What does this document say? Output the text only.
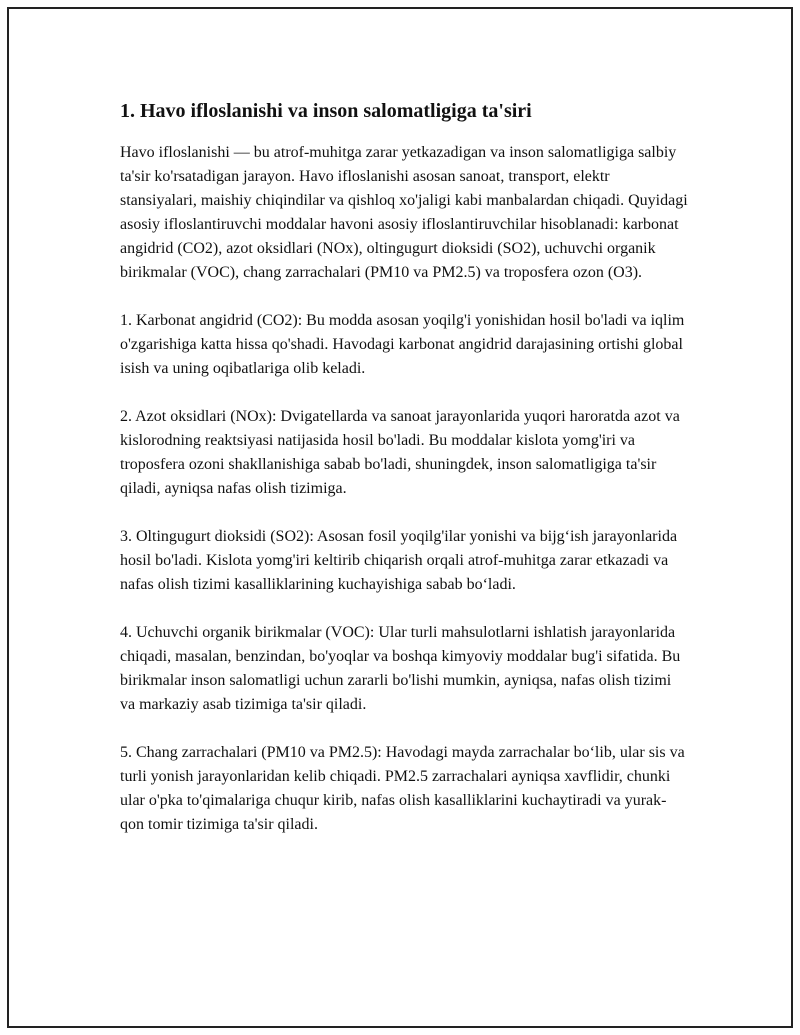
1. Havo ifloslanishi va inson salomatligiga ta'siri

Havo ifloslanishi — bu atrof-muhitga zarar yetkazadigan va inson salomatligiga salbiy ta'sir ko'rsatadigan jarayon. Havo ifloslanishi asosan sanoat, transport, elektr stansiyalari, maishiy chiqindilar va qishloq xo'jaligi kabi manbalardan chiqadi. Quyidagi asosiy ifloslantiruvchi moddalar havoni asosiy ifloslantiruvchilar hisoblanadi: karbonat angidrid (CO2), azot oksidlari (NOx), oltingugurt dioksidi (SO2), uchuvchi organik birikmalar (VOC), chang zarrachalari (PM10 va PM2.5) va troposfera ozon (O3).

1. Karbonat angidrid (CO2): Bu modda asosan yoqilg'i yonishidan hosil bo'ladi va iqlim o'zgarishiga katta hissa qo'shadi. Havodagi karbonat angidrid darajasining ortishi global isish va uning oqibatlariga olib keladi.

2. Azot oksidlari (NOx): Dvigatellarda va sanoat jarayonlarida yuqori haroratda azot va kislorodning reaktsiyasi natijasida hosil bo'ladi. Bu moddalar kislota yomg'iri va troposfera ozoni shakllanishiga sabab bo'ladi, shuningdek, inson salomatligiga ta'sir qiladi, ayniqsa nafas olish tizimiga.

3. Oltingugurt dioksidi (SO2): Asosan fosil yoqilg'ilar yonishi va bijg‘ish jarayonlarida hosil bo'ladi. Kislota yomg'iri keltirib chiqarish orqali atrof-muhitga zarar etkazadi va nafas olish tizimi kasalliklarining kuchayishiga sabab bo‘ladi.

4. Uchuvchi organik birikmalar (VOC): Ular turli mahsulotlarni ishlatish jarayonlarida chiqadi, masalan, benzindan, bo'yoqlar va boshqa kimyoviy moddalar bug'i sifatida. Bu birikmalar inson salomatligi uchun zararli bo'lishi mumkin, ayniqsa, nafas olish tizimi va markaziy asab tizimiga ta'sir qiladi.

5. Chang zarrachalari (PM10 va PM2.5): Havodagi mayda zarrachalar bo‘lib, ular sis va turli yonish jarayonlaridan kelib chiqadi. PM2.5 zarrachalari ayniqsa xavflidir, chunki ular o'pka to'qimalariga chuqur kirib, nafas olish kasalliklarini kuchaytiradi va yurak-qon tomir tizimiga ta'sir qiladi.
